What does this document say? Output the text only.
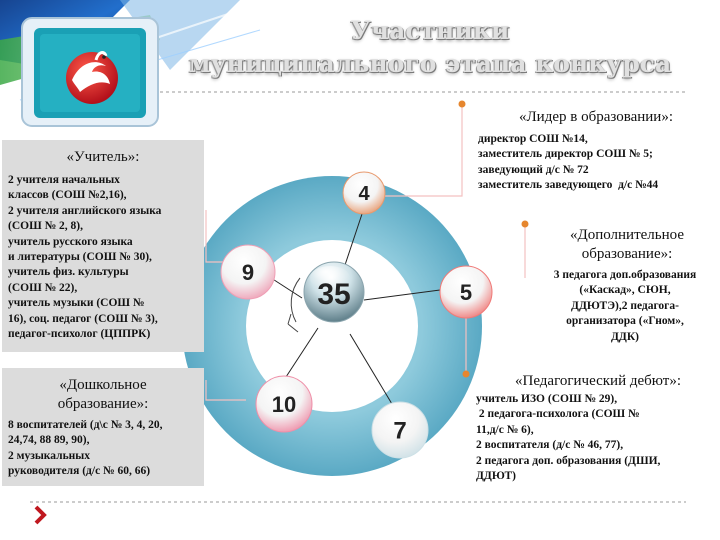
35
4
9
5
10
7
Участники
муниципального этапа конкурса
«Учитель»:
2 учителя начальных
классов (СОШ №2,16),
2 учителя английского языка
(СОШ № 2, 8),
учитель русского языка
и литературы (СОШ № 30),
учитель физ. культуры
(СОШ № 22),
учитель музыки (СОШ №
16), соц. педагог (СОШ № 3),
педагог-психолог (ЦППРК)
«Дошкольное
образование»:
8 воспитателей (д\с № 3, 4, 20,
24,74, 88 89, 90),
2 музыкальных
руководителя (д/с № 60, 66)
«Лидер в образовании»:
директор СОШ №14,
заместитель директор СОШ № 5;
заведующий д/с № 72
заместитель заведующего  д/с №44
«Дополнительное
образование»:
3 педагога доп.образования
(«Каскад», СЮН,
ДДЮТЭ),2 педагога-
организатора («Гном»,
ДДК)
«Педагогический дебют»:
учитель ИЗО (СОШ № 29),
2 педагога-психолога (СОШ №
11,д/с № 6),
2 воспитателя (д/с № 46, 77),
2 педагога доп. образования (ДШИ,
ДДЮТ)
